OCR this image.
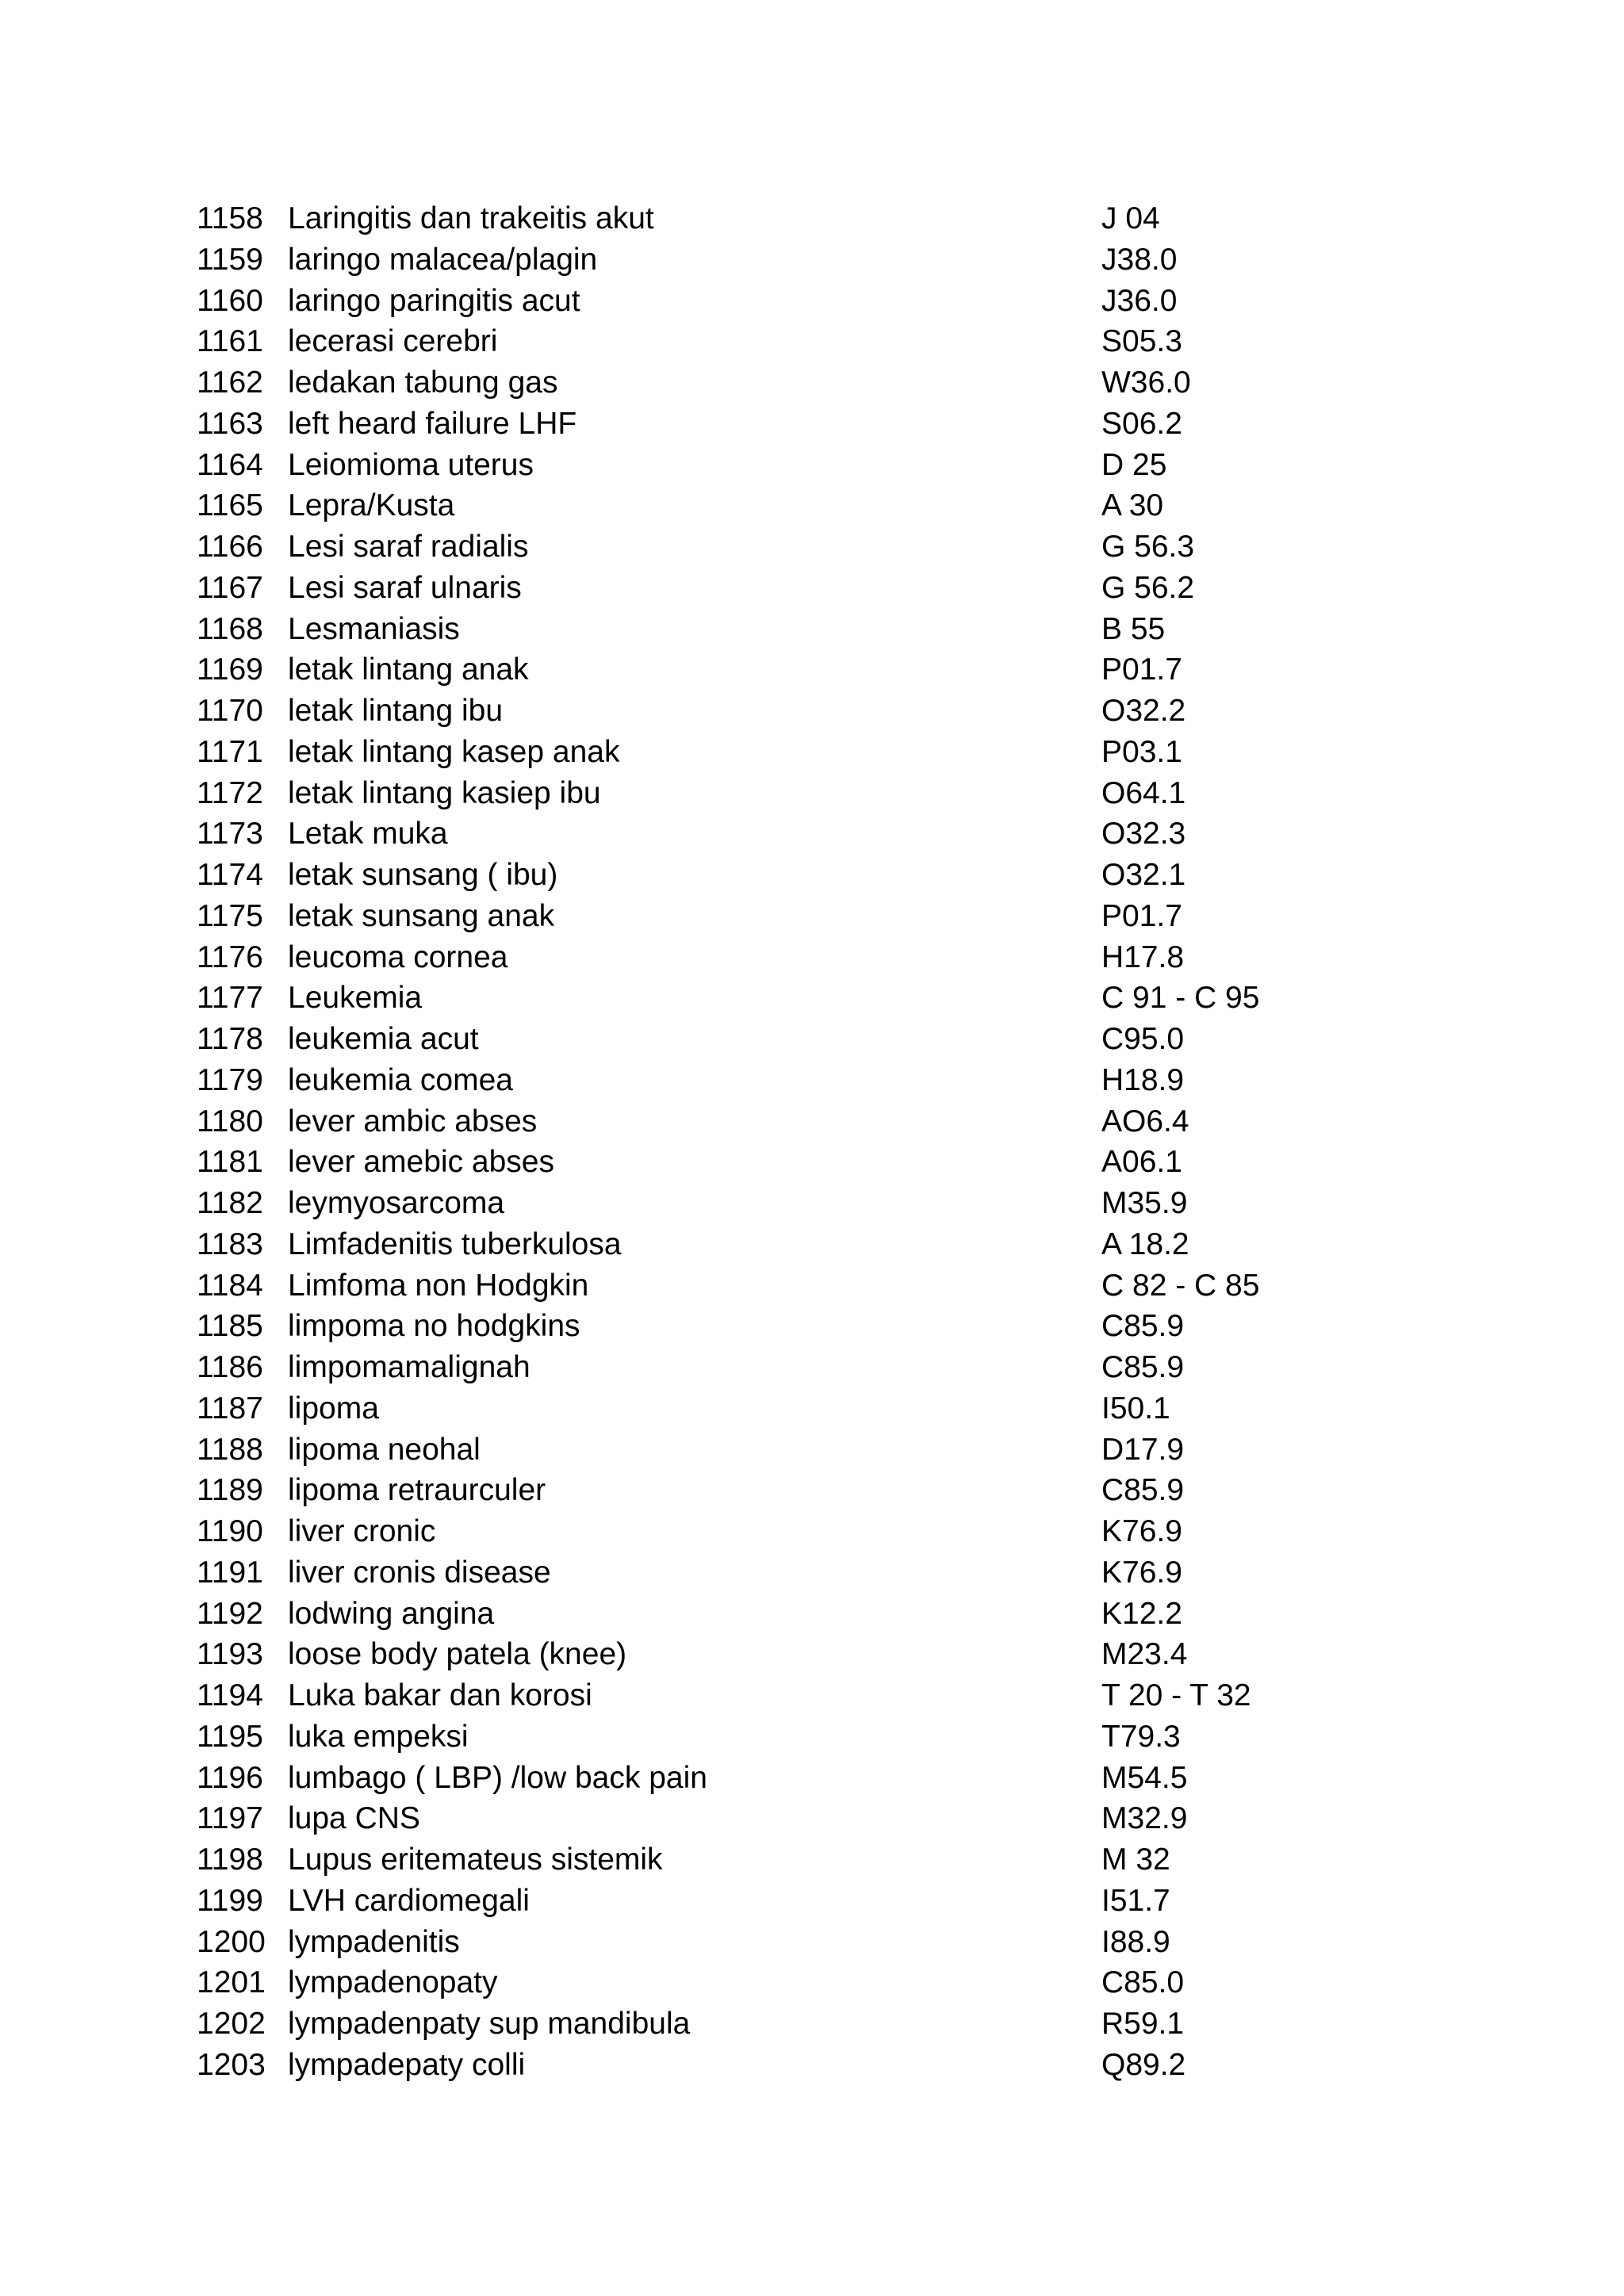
1158 Laringitis dan trakeitis akut	J 04
1159 laringo malacea/plagin	J38.0
1160 laringo paringitis acut	J36.0
1161 lecerasi cerebri	S05.3
1162 ledakan tabung gas	W36.0
1163 left heard failure LHF	S06.2
1164 Leiomioma uterus	D 25
1165 Lepra/Kusta	A 30
1166 Lesi saraf radialis	G 56.3
1167 Lesi saraf ulnaris	G 56.2
1168 Lesmaniasis	B 55
1169 letak lintang anak	P01.7
1170 letak lintang ibu	O32.2
1171 letak lintang kasep anak	P03.1
1172 letak lintang kasiep ibu	O64.1
1173 Letak muka	O32.3
1174 letak sunsang ( ibu)	O32.1
1175 letak sunsang anak	P01.7
1176 leucoma cornea	H17.8
1177 Leukemia	C 91 - C 95
1178 leukemia acut	C95.0
1179 leukemia comea	H18.9
1180 lever ambic abses	AO6.4
1181 lever amebic abses	A06.1
1182 leymyosarcoma	M35.9
1183 Limfadenitis tuberkulosa	A 18.2
1184 Limfoma non Hodgkin	C 82 - C 85
1185 limpoma no hodgkins	C85.9
1186 limpomamalignah	C85.9
1187 lipoma	I50.1
1188 lipoma neohal	D17.9
1189 lipoma retraurculer	C85.9
1190 liver cronic	K76.9
1191 liver cronis disease	K76.9
1192 lodwing angina	K12.2
1193 loose body patela (knee)	M23.4
1194 Luka bakar dan korosi	T 20 - T 32
1195 luka empeksi	T79.3
1196 lumbago ( LBP) /low back pain	M54.5
1197 lupa CNS	M32.9
1198 Lupus eritemateus sistemik	M 32
1199 LVH cardiomegali	I51.7
1200 lympadenitis	I88.9
1201 lympadenopaty	C85.0
1202 lympadenpaty sup mandibula	R59.1
1203 lympadepaty colli	Q89.2
